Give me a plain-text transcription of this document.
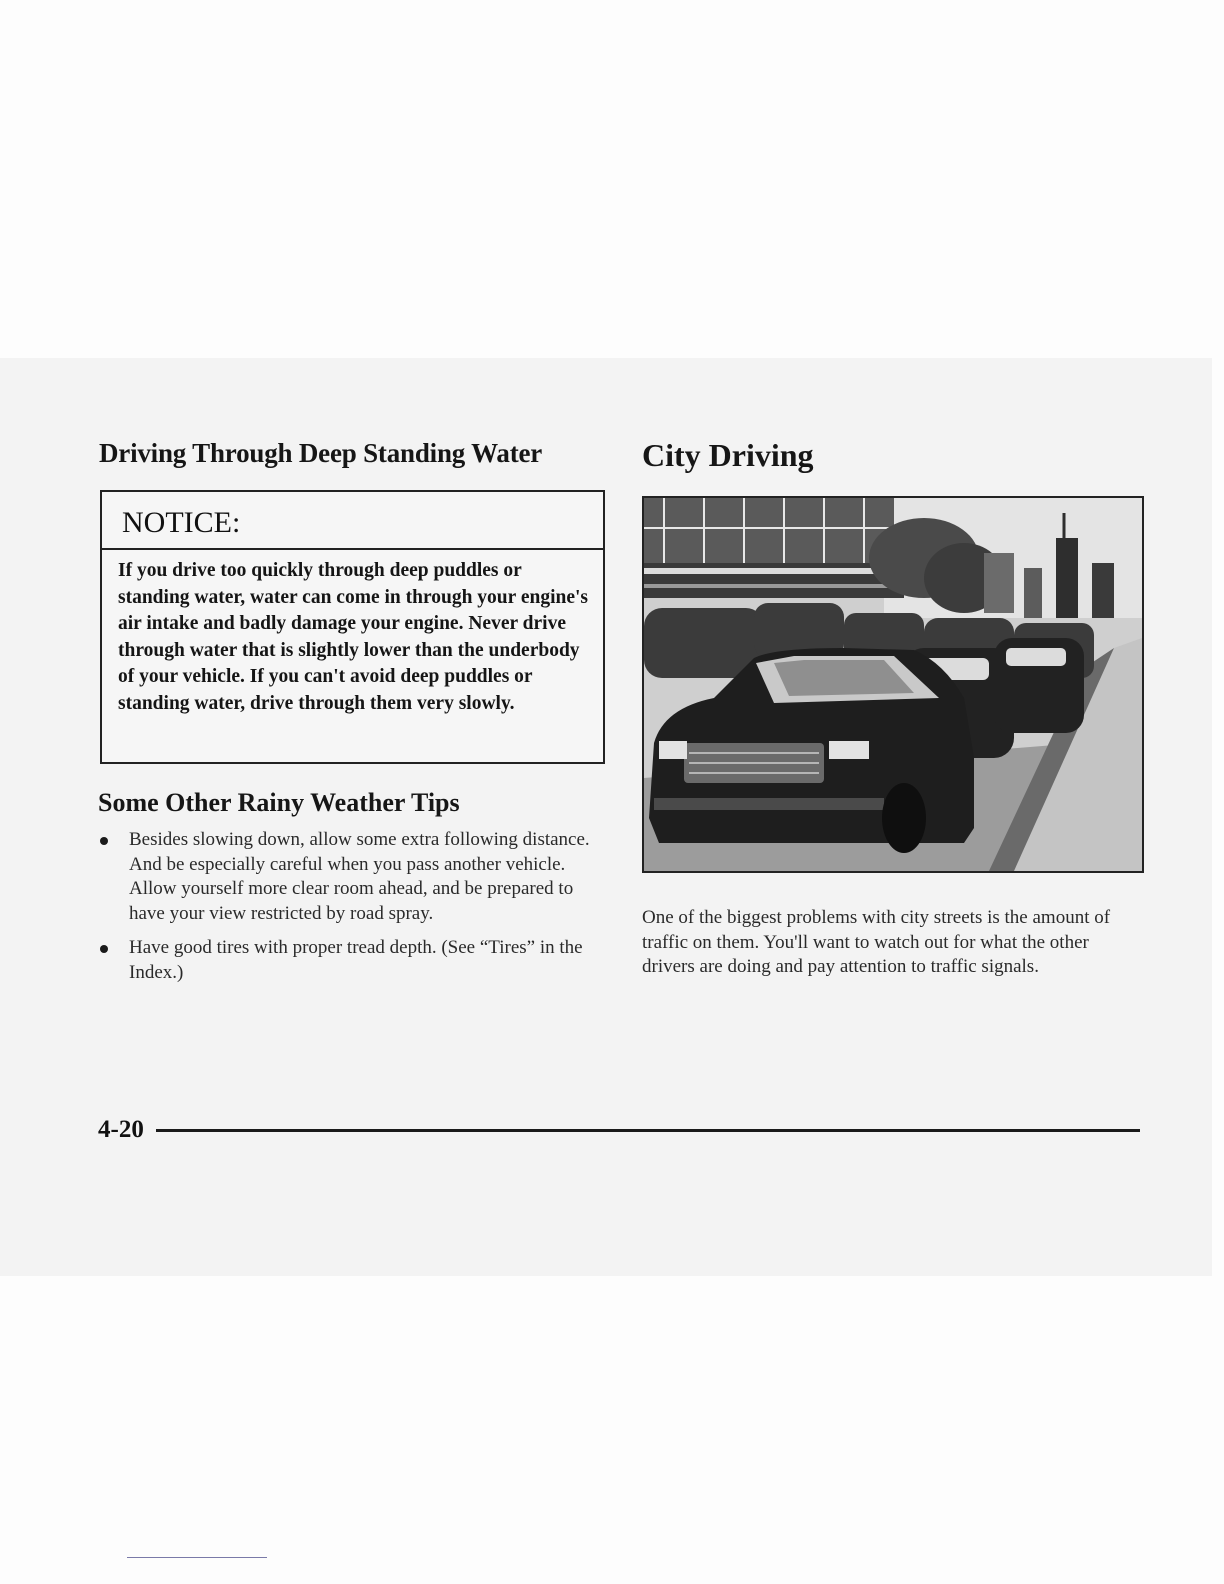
Driving Through Deep Standing Water
NOTICE:
If you drive too quickly through deep puddles or standing water, water can come in through your engine's air intake and badly damage your engine. Never drive through water that is slightly lower than the underbody of your vehicle. If you can't avoid deep puddles or standing water, drive through them very slowly.
Some Other Rainy Weather Tips
Besides slowing down, allow some extra following distance. And be especially careful when you pass another vehicle. Allow yourself more clear room ahead, and be prepared to have your view restricted by road spray.
Have good tires with proper tread depth. (See “Tires” in the Index.)
City Driving

One of the biggest problems with city streets is the amount of traffic on them. You'll want to watch out for what the other drivers are doing and pay attention to traffic signals.

4-20
